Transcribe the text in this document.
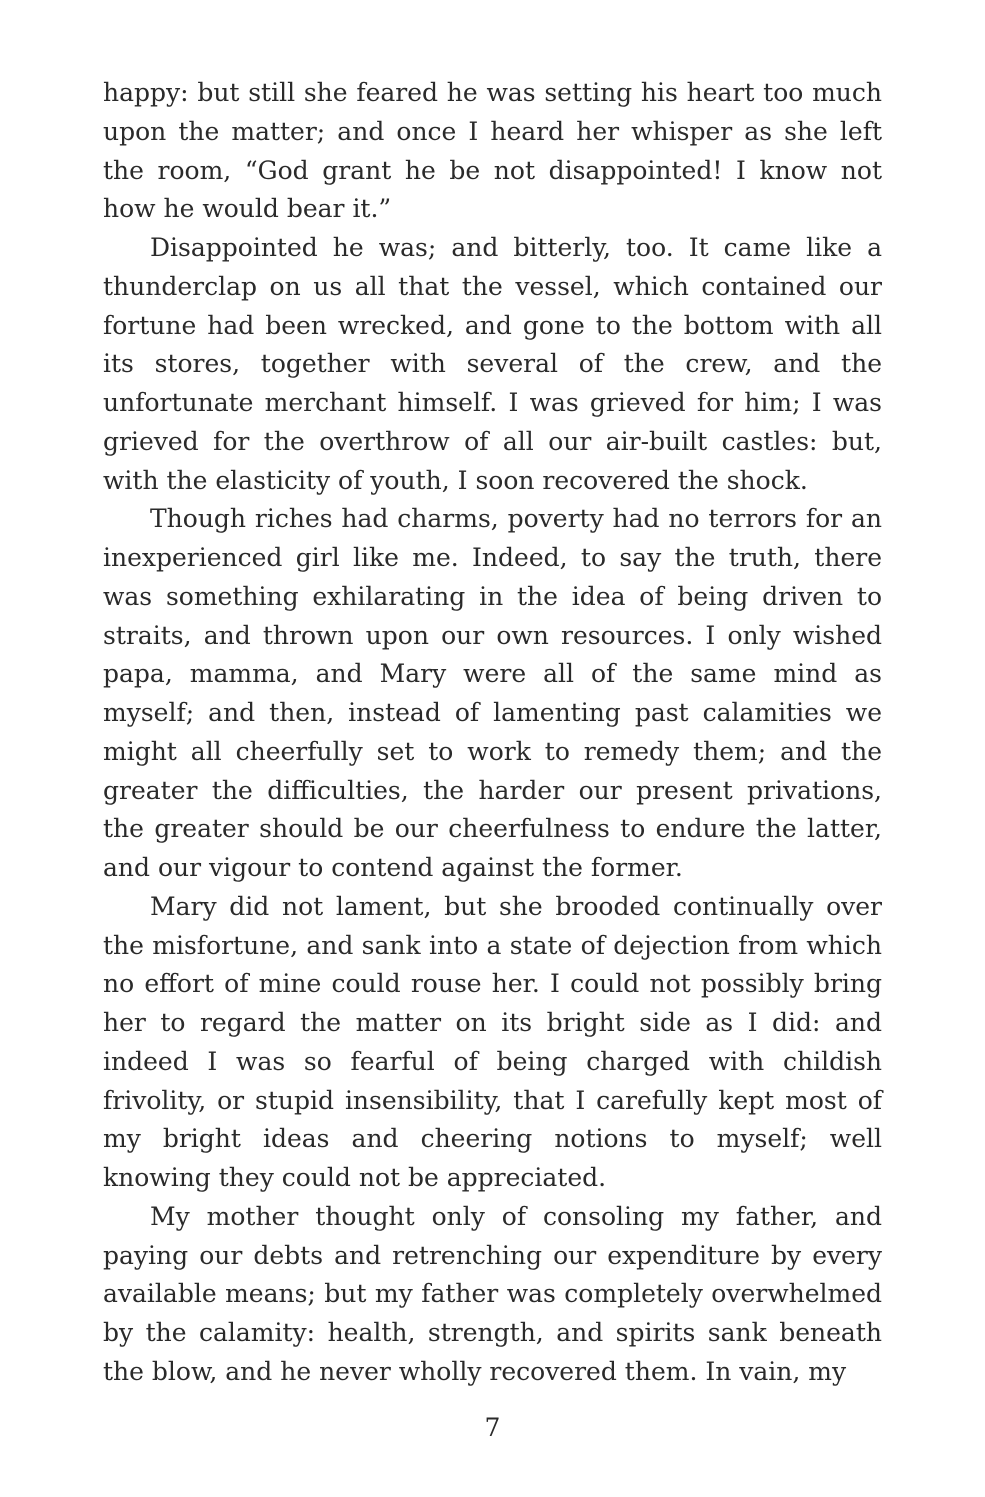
happy: but still she feared he was setting his heart too much upon the matter; and once I heard her whisper as she left the room, “God grant he be not disappointed! I know not how he would bear it.”

Disappointed he was; and bitterly, too. It came like a thunderclap on us all that the vessel, which contained our fortune had been wrecked, and gone to the bottom with all its stores, together with several of the crew, and the unfortunate merchant himself. I was grieved for him; I was grieved for the overthrow of all our air-built castles: but, with the elasticity of youth, I soon recovered the shock.

Though riches had charms, poverty had no terrors for an inexperienced girl like me. Indeed, to say the truth, there was something exhilarating in the idea of being driven to straits, and thrown upon our own resources. I only wished papa, mamma, and Mary were all of the same mind as myself; and then, instead of lamenting past calamities we might all cheerfully set to work to remedy them; and the greater the difficulties, the harder our present privations, the greater should be our cheerfulness to endure the latter, and our vigour to contend against the former.

Mary did not lament, but she brooded continually over the misfortune, and sank into a state of dejection from which no effort of mine could rouse her. I could not possibly bring her to regard the matter on its bright side as I did: and indeed I was so fearful of being charged with childish frivolity, or stupid insensibility, that I carefully kept most of my bright ideas and cheering notions to myself; well knowing they could not be appreciated.

My mother thought only of consoling my father, and paying our debts and retrenching our expenditure by every available means; but my father was completely overwhelmed by the calamity: health, strength, and spirits sank beneath the blow, and he never wholly recovered them. In vain, my

7
